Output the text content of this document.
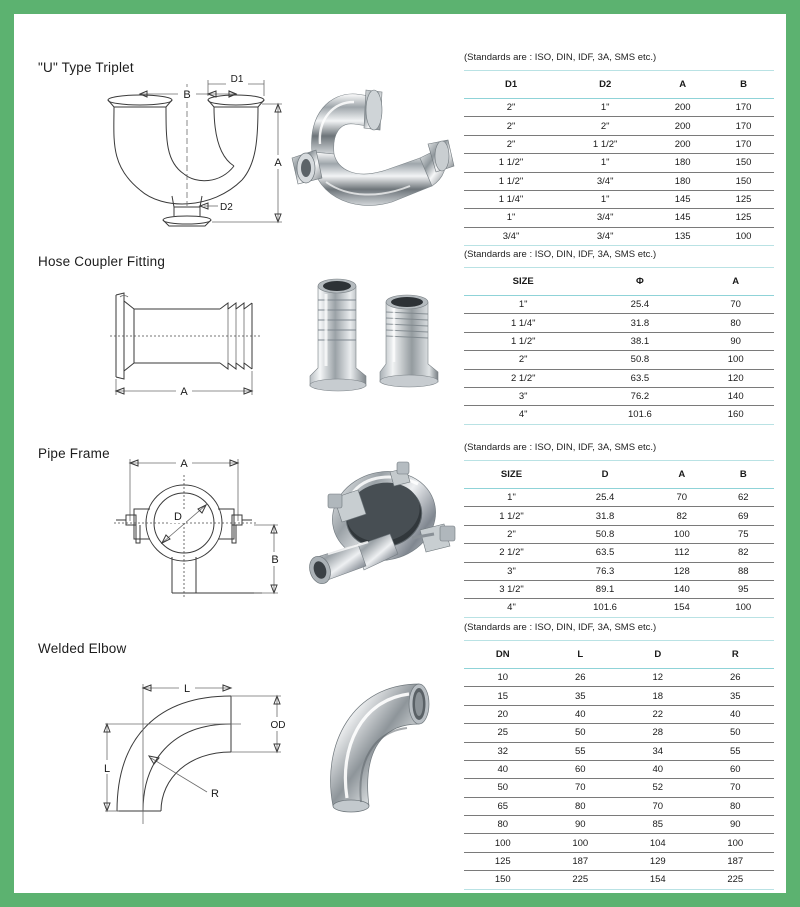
"U" Type Triplet
B
D1
A
D2
(Standards are : ISO, DIN, IDF, 3A, SMS etc.)
D1	D2	A	B
2"	1"	200	170
2"	2"	200	170
2"	1 1/2"	200	170
1 1/2"	1"	180	150
1 1/2"	3/4"	180	150
1 1/4"	1"	145	125
1"	3/4"	145	125
3/4"	3/4"	135	100
Hose Coupler Fitting
A
(Standards are : ISO, DIN, IDF, 3A, SMS etc.)
SIZE	Φ	A
1"	25.4	70
1 1/4"	31.8	80
1 1/2"	38.1	90
2"	50.8	100
2 1/2"	63.5	120
3"	76.2	140
4"	101.6	160
Pipe Frame
A
D
B
(Standards are : ISO, DIN, IDF, 3A, SMS etc.)
SIZE	D	A	B
1"	25.4	70	62
1 1/2"	31.8	82	69
2"	50.8	100	75
2 1/2"	63.5	112	82
3"	76.3	128	88
3 1/2"	89.1	140	95
4"	101.6	154	100
Welded Elbow
L
OD
L
R
(Standards are : ISO, DIN, IDF, 3A, SMS etc.)
DN	L	D	R
10	26	12	26
15	35	18	35
20	40	22	40
25	50	28	50
32	55	34	55
40	60	40	60
50	70	52	70
65	80	70	80
80	90	85	90
100	100	104	100
125	187	129	187
150	225	154	225
